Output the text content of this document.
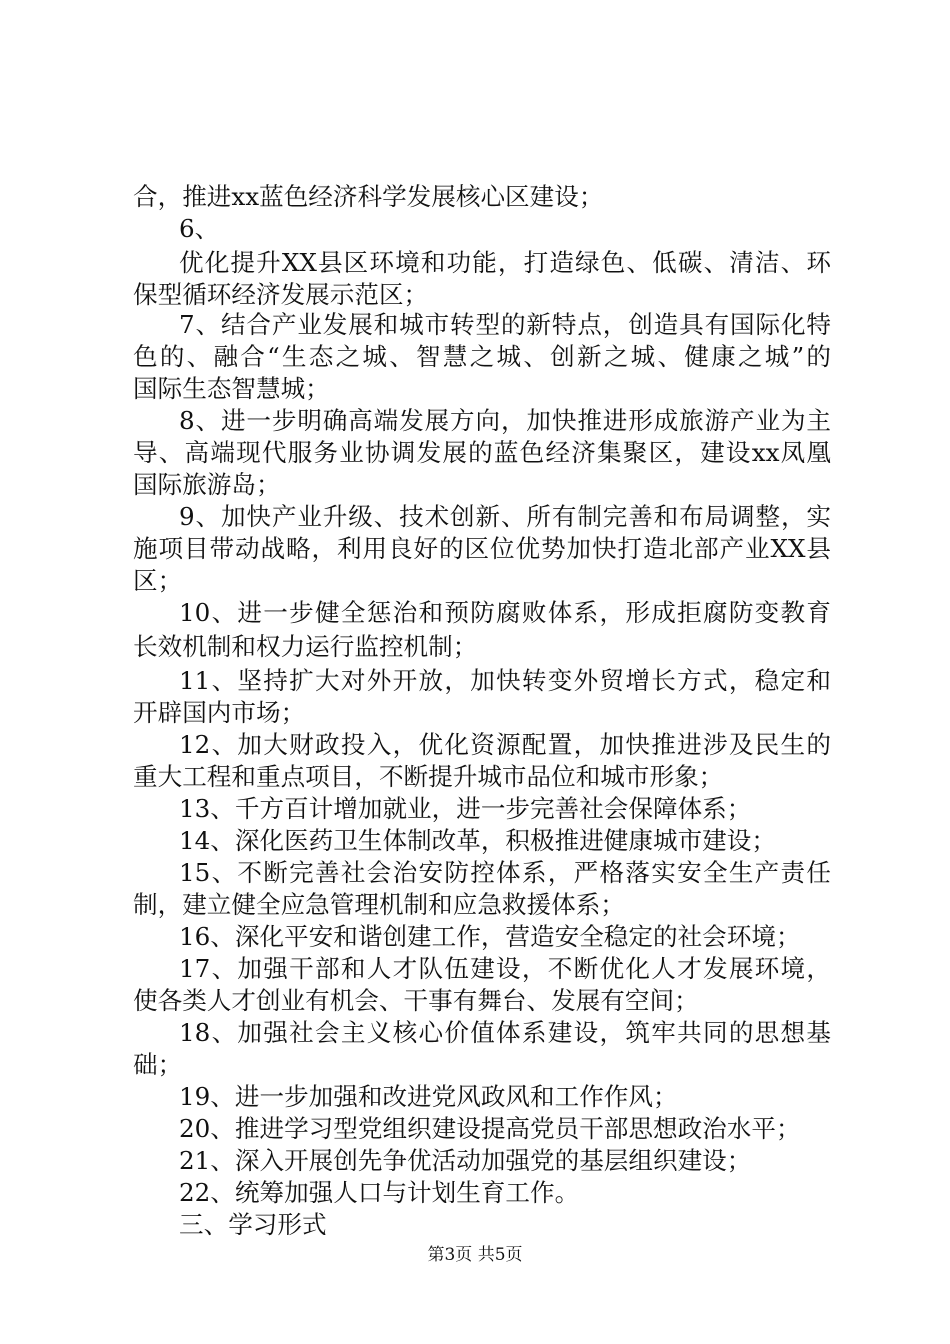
合，推进xx蓝色经济科学发展核心区建设；
6、
优化提升XX县区环境和功能，打造绿色、低碳、清洁、环
保型循环经济发展示范区；
7、结合产业发展和城市转型的新特点，创造具有国际化特
色的、融合“生态之城、智慧之城、创新之城、健康之城”的
国际生态智慧城；
8、进一步明确高端发展方向，加快推进形成旅游产业为主
导、高端现代服务业协调发展的蓝色经济集聚区，建设xx凤凰
国际旅游岛；
9、加快产业升级、技术创新、所有制完善和布局调整，实
施项目带动战略，利用良好的区位优势加快打造北部产业XX县
区；
10、进一步健全惩治和预防腐败体系，形成拒腐防变教育
长效机制和权力运行监控机制；
11、坚持扩大对外开放，加快转变外贸增长方式，稳定和
开辟国内市场；
12、加大财政投入，优化资源配置，加快推进涉及民生的
重大工程和重点项目，不断提升城市品位和城市形象；
13、千方百计增加就业，进一步完善社会保障体系；
14、深化医药卫生体制改革，积极推进健康城市建设；
15、不断完善社会治安防控体系，严格落实安全生产责任
制，建立健全应急管理机制和应急救援体系；
16、深化平安和谐创建工作，营造安全稳定的社会环境；
17、加强干部和人才队伍建设，不断优化人才发展环境，
使各类人才创业有机会、干事有舞台、发展有空间；
18、加强社会主义核心价值体系建设，筑牢共同的思想基
础；
19、进一步加强和改进党风政风和工作作风；
20、推进学习型党组织建设提高党员干部思想政治水平；
21、深入开展创先争优活动加强党的基层组织建设；
22、统筹加强人口与计划生育工作。
三、学习形式
第3页 共5页
